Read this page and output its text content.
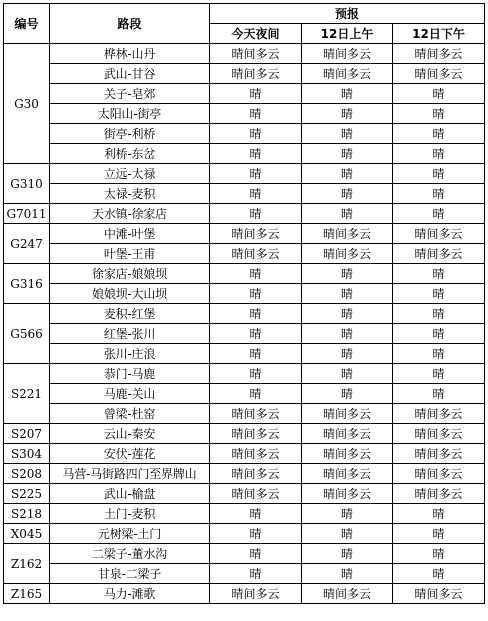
编号	路段	预报		
		今天夜间	12日上午	12日下午
G30	桦林-山丹	晴间多云	晴间多云	晴间多云
	武山-甘谷	晴间多云	晴间多云	晴间多云
	关子-皂郊	晴	晴	晴
	太阳山-街亭	晴	晴	晴
	街亭-利桥	晴	晴	晴
	利桥-东岔	晴	晴	晴
G310	立远-太禄	晴	晴	晴
	太禄-麦积	晴	晴	晴
G7011	天水镇-徐家店	晴	晴	晴
G247	中滩-叶堡	晴间多云	晴间多云	晴间多云
	叶堡-王甫	晴间多云	晴间多云	晴间多云
G316	徐家店-娘娘坝	晴	晴	晴
	娘娘坝-大山坝	晴	晴	晴
G566	麦积-红堡	晴	晴	晴
	红堡-张川	晴	晴	晴
	张川-庄浪	晴	晴	晴
S221	恭门-马鹿	晴	晴	晴
	马鹿-关山	晴	晴	晴
	曾梁-杜窑	晴间多云	晴间多云	晴间多云
S207	云山-秦安	晴间多云	晴间多云	晴间多云
S304	安伏-莲花	晴间多云	晴间多云	晴间多云
S208	马营-马街路四门至界牌山	晴间多云	晴间多云	晴间多云
S225	武山-榆盘	晴间多云	晴间多云	晴间多云
S218	土门-麦积	晴	晴	晴
X045	元树梁-土门	晴	晴	晴
Z162	二梁子-董水沟	晴	晴	晴
	甘泉-二梁子	晴	晴	晴
Z165	马力-滩歌	晴间多云	晴间多云	晴间多云
